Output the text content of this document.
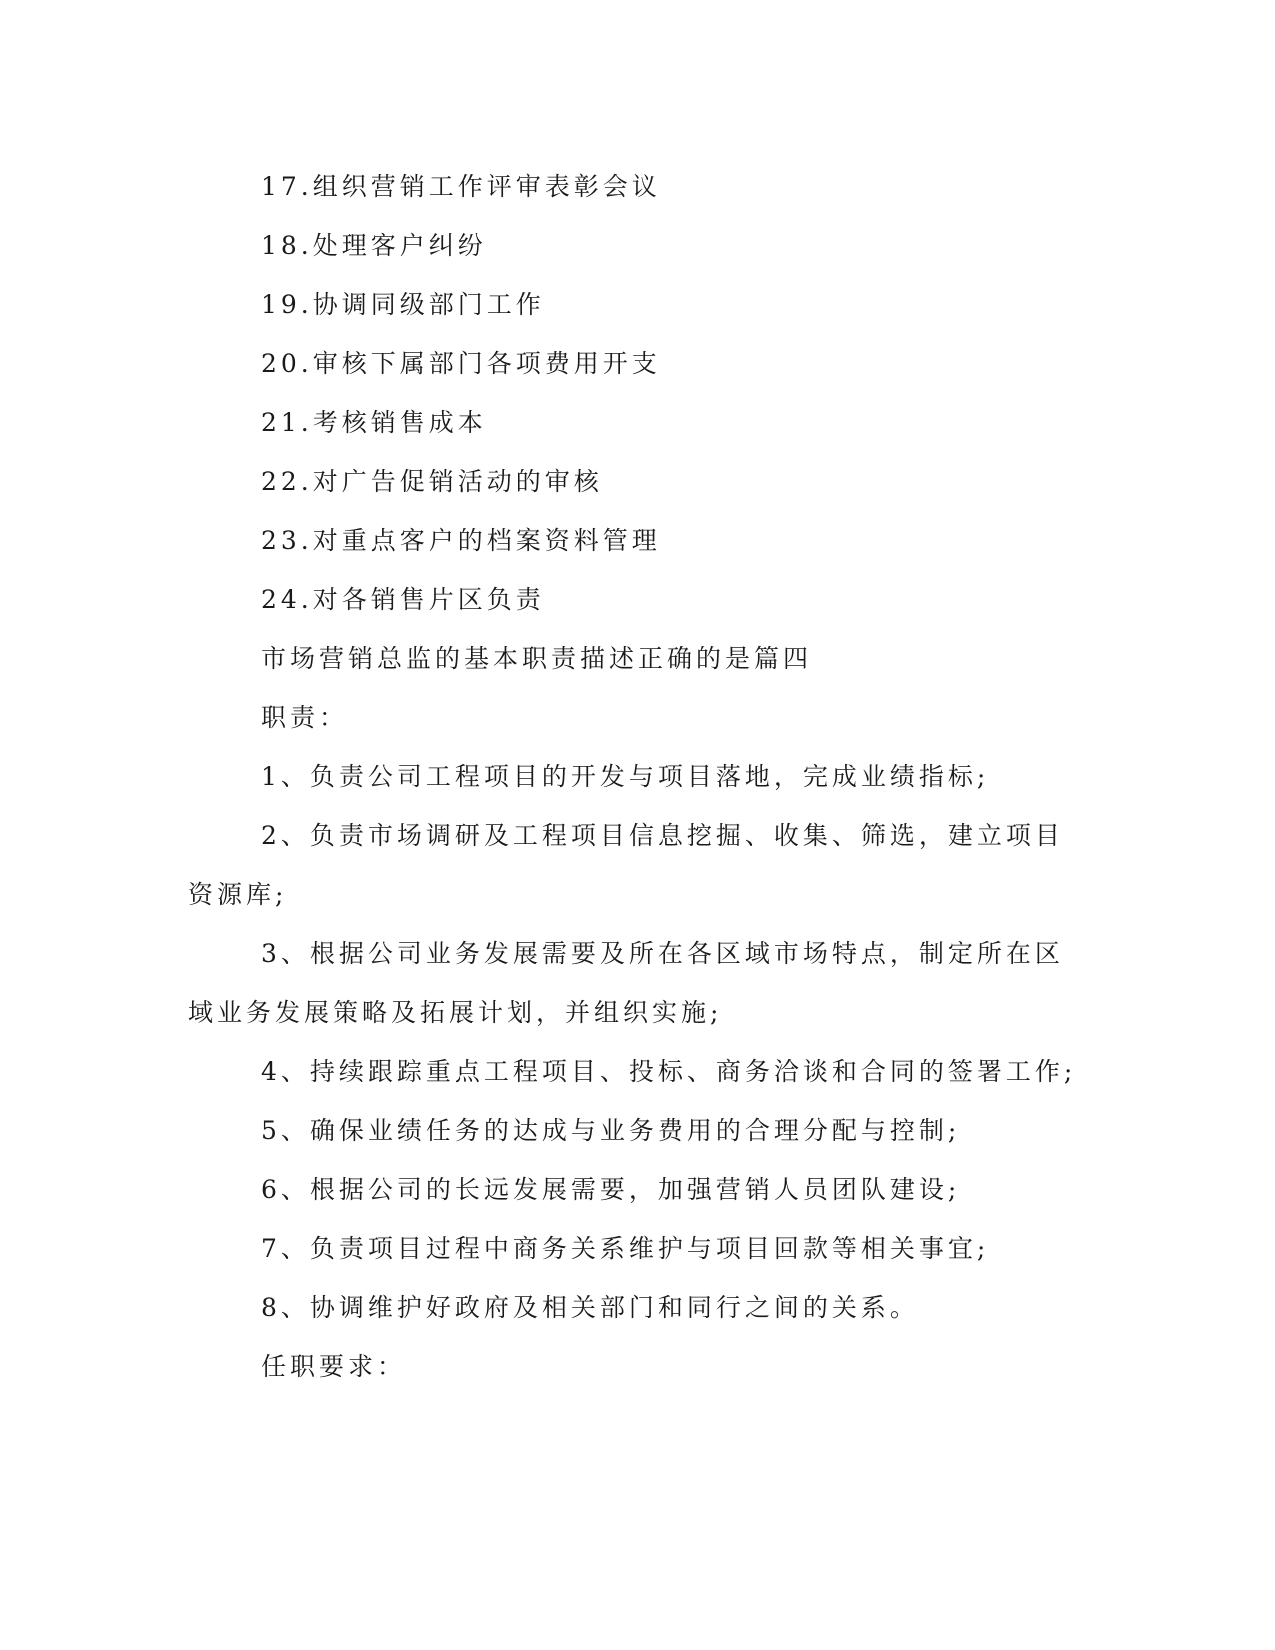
17.组织营销工作评审表彰会议
18.处理客户纠纷
19.协调同级部门工作
20.审核下属部门各项费用开支
21.考核销售成本
22.对广告促销活动的审核
23.对重点客户的档案资料管理
24.对各销售片区负责
市场营销总监的基本职责描述正确的是篇四
职责：
1、负责公司工程项目的开发与项目落地，完成业绩指标;
2、负责市场调研及工程项目信息挖掘、收集、筛选，建立项目
资源库;
3、根据公司业务发展需要及所在各区域市场特点，制定所在区
域业务发展策略及拓展计划，并组织实施;
4、持续跟踪重点工程项目、投标、商务洽谈和合同的签署工作;
5、确保业绩任务的达成与业务费用的合理分配与控制;
6、根据公司的长远发展需要，加强营销人员团队建设;
7、负责项目过程中商务关系维护与项目回款等相关事宜;
8、协调维护好政府及相关部门和同行之间的关系。
任职要求：
